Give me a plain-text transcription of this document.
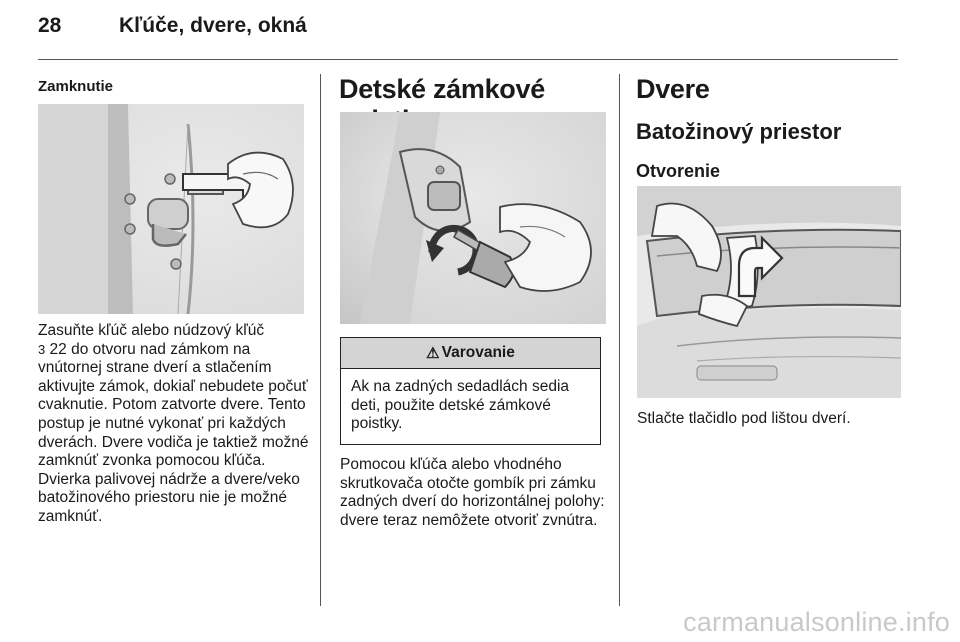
28	Kľúče, dvere, okná

Zamknutie

Zasuňte kľúč alebo núdzový kľúč
3 22 do otvoru nad zámkom na vnútornej strane dverí a stlačením aktivujte zámok, dokiaľ nebudete počuť cvaknutie. Potom zatvorte dvere. Tento postup je nutné vykonať pri každých dverách. Dvere vodiča je taktiež možné zamknúť zvonka pomocou kľúča. Dvierka palivovej nádrže a dvere/veko batožinového priestoru nie je možné zamknúť.

Detské zámkové

⚠ Varovanie
Ak na zadných sedadlách sedia deti, použite detské zámkové poistky.

Pomocou kľúča alebo vhodného skrutkovača otočte gombík pri zámku zadných dverí do horizontálnej polohy: dvere teraz nemôžete otvoriť zvnútra.

Dvere

Batožinový priestor

Otvorenie

Stlačte tlačidlo pod lištou dverí.

carmanualsonline.info
